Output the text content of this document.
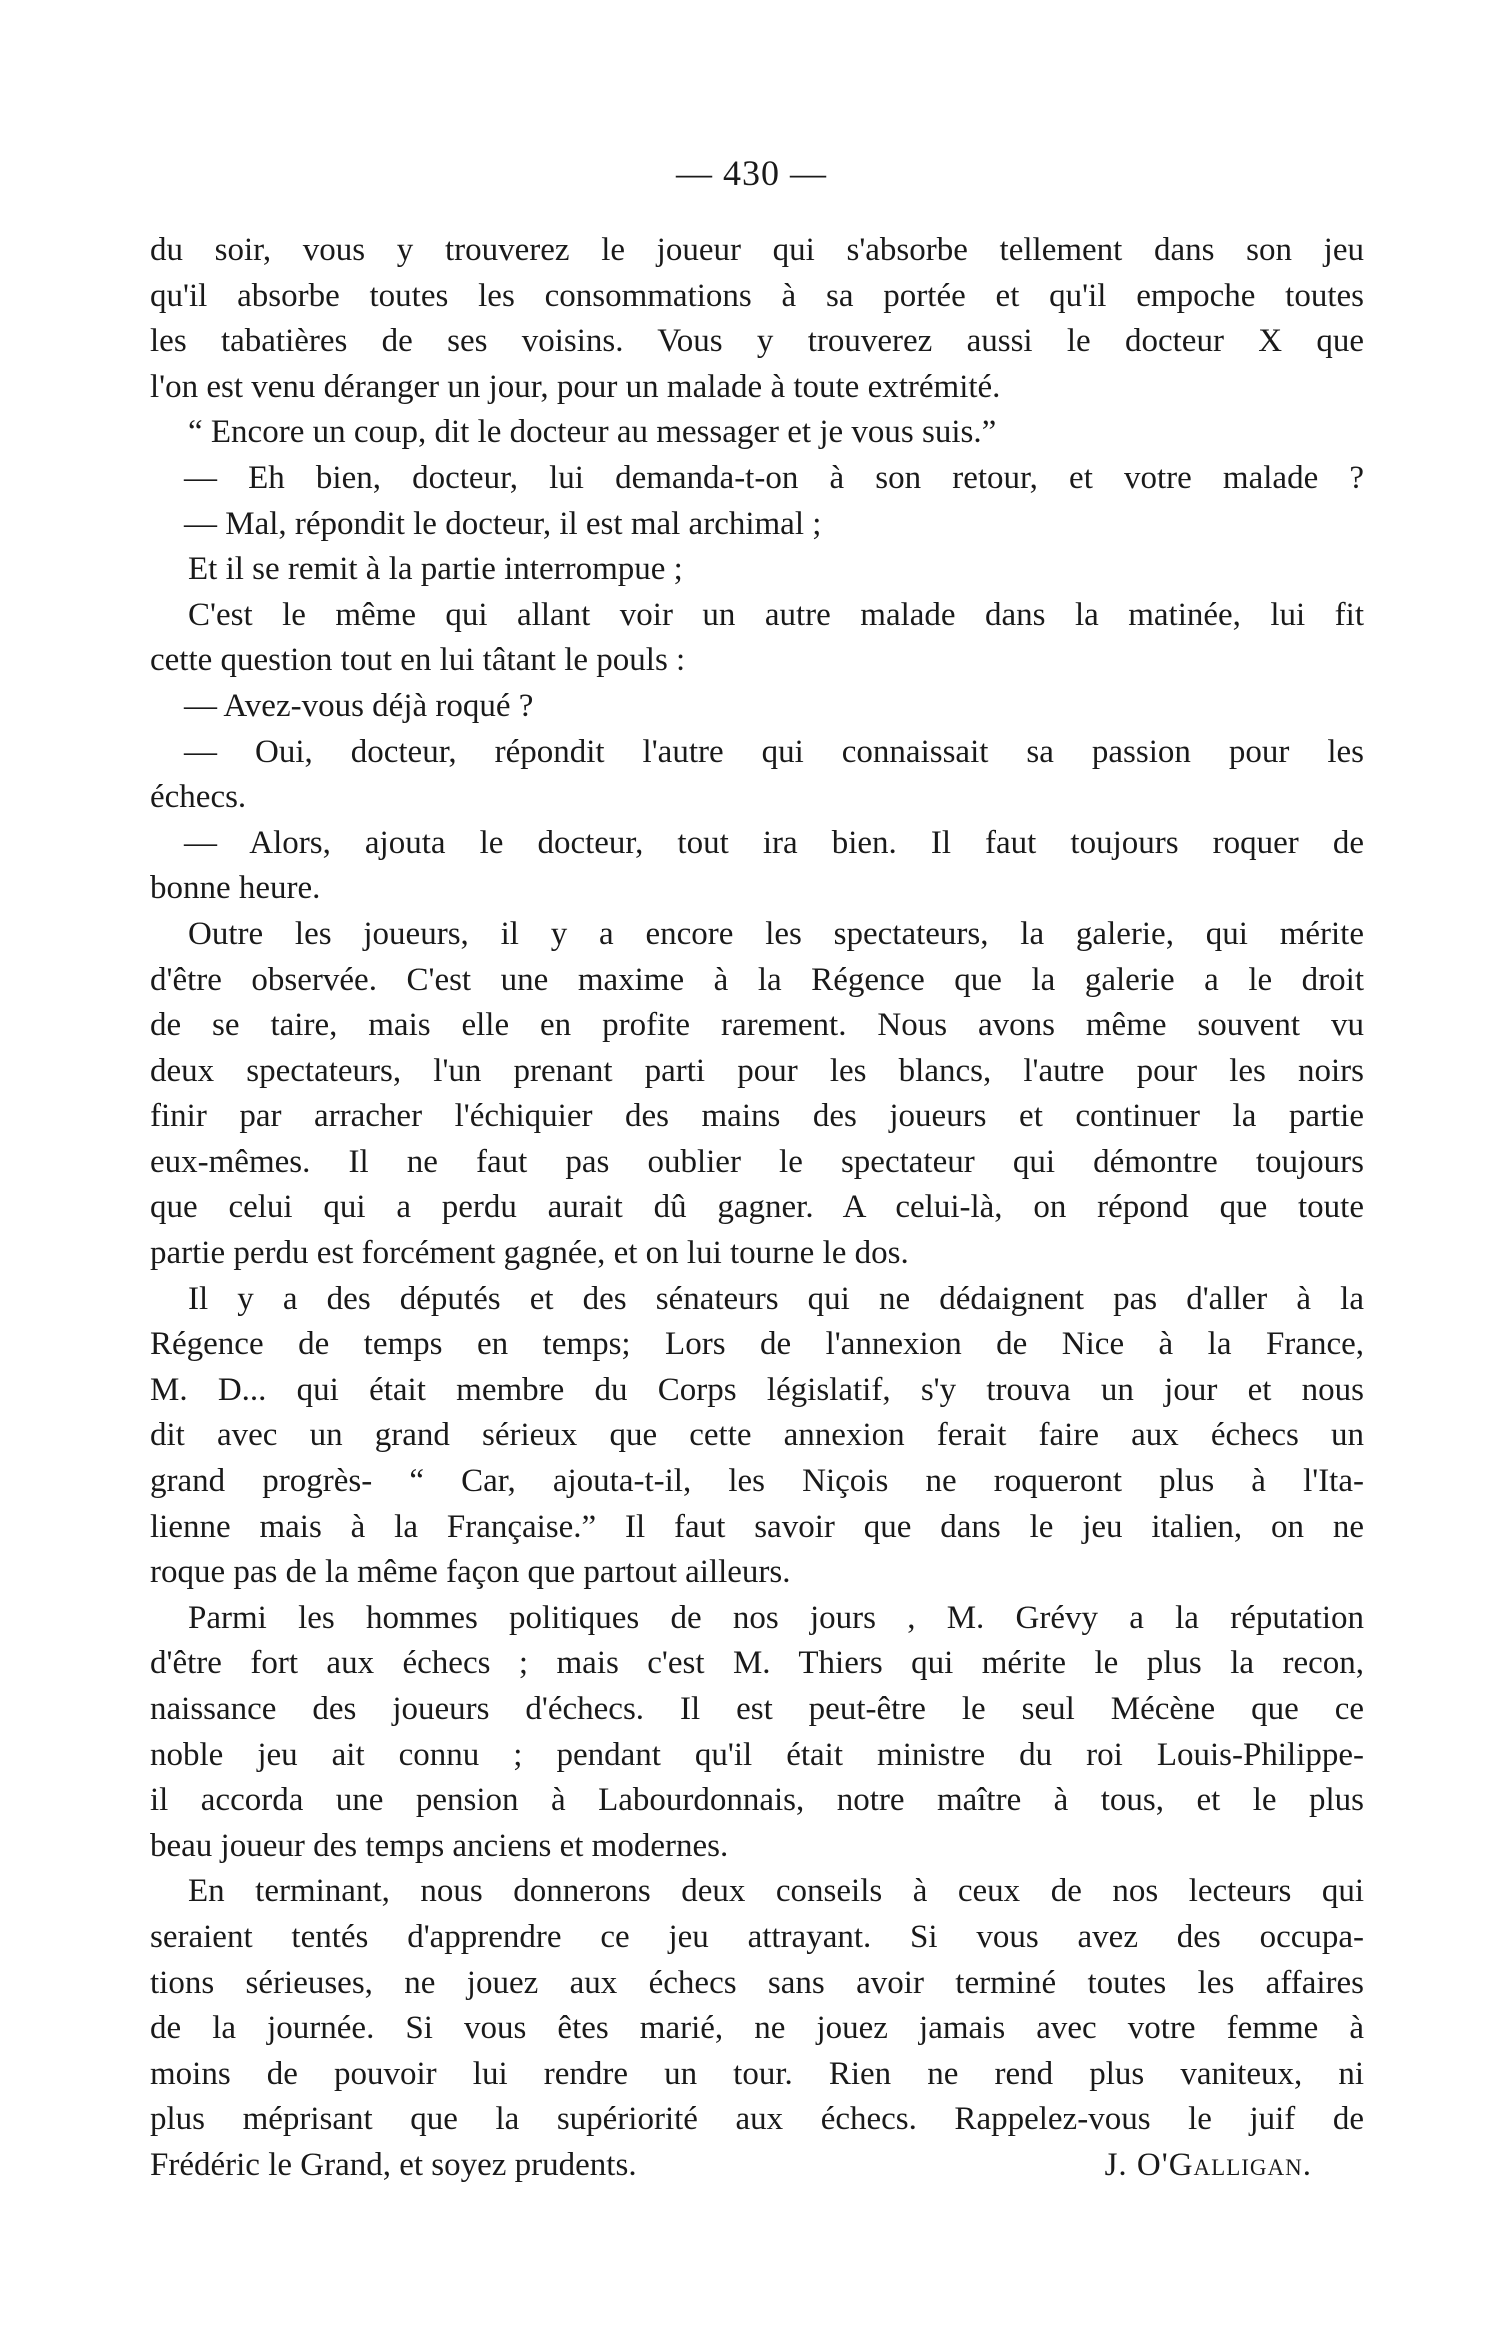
— 430 —
du soir, vous y trouverez le joueur qui s'absorbe tellement dans son jeu
qu'il absorbe toutes les consommations à sa portée et qu'il empoche toutes
les tabatières de ses voisins. Vous y trouverez aussi le docteur X que
l'on est venu déranger un jour, pour un malade à toute extrémité.
“ Encore un coup, dit le docteur au messager et je vous suis.”
— Eh bien, docteur, lui demanda-t-on à son retour, et votre malade ?
— Mal, répondit le docteur, il est mal archimal ;
Et il se remit à la partie interrompue ;
C'est le même qui allant voir un autre malade dans la matinée, lui fit
cette question tout en lui tâtant le pouls :
— Avez-vous déjà roqué ?
— Oui, docteur, répondit l'autre qui connaissait sa passion pour les
échecs.
— Alors, ajouta le docteur, tout ira bien. Il faut toujours roquer de
bonne heure.
Outre les joueurs, il y a encore les spectateurs, la galerie, qui mérite
d'être observée. C'est une maxime à la Régence que la galerie a le droit
de se taire, mais elle en profite rarement. Nous avons même souvent vu
deux spectateurs, l'un prenant parti pour les blancs, l'autre pour les noirs
finir par arracher l'échiquier des mains des joueurs et continuer la partie
eux-mêmes. Il ne faut pas oublier le spectateur qui démontre toujours
que celui qui a perdu aurait dû gagner. A celui-là, on répond que toute
partie perdu est forcément gagnée, et on lui tourne le dos.
Il y a des députés et des sénateurs qui ne dédaignent pas d'aller à la
Régence de temps en temps; Lors de l'annexion de Nice à la France,
M. D... qui était membre du Corps législatif, s'y trouva un jour et nous
dit avec un grand sérieux que cette annexion ferait faire aux échecs un
grand progrès- “ Car, ajouta-t-il, les Niçois ne roqueront plus à l'Ita-
lienne mais à la Française.” Il faut savoir que dans le jeu italien, on ne
roque pas de la même façon que partout ailleurs.
Parmi les hommes politiques de nos jours , M. Grévy a la réputation
d'être fort aux échecs ; mais c'est M. Thiers qui mérite le plus la recon,
naissance des joueurs d'échecs. Il est peut-être le seul Mécène que ce
noble jeu ait connu ; pendant qu'il était ministre du roi Louis-Philippe-
il accorda une pension à Labourdonnais, notre maître à tous, et le plus
beau joueur des temps anciens et modernes.
En terminant, nous donnerons deux conseils à ceux de nos lecteurs qui
seraient tentés d'apprendre ce jeu attrayant. Si vous avez des occupa-
tions sérieuses, ne jouez aux échecs sans avoir terminé toutes les affaires
de la journée. Si vous êtes marié, ne jouez jamais avec votre femme à
moins de pouvoir lui rendre un tour. Rien ne rend plus vaniteux, ni
plus méprisant que la supériorité aux échecs. Rappelez-vous le juif de
Frédéric le Grand, et soyez prudents.	J. O'Galligan.
